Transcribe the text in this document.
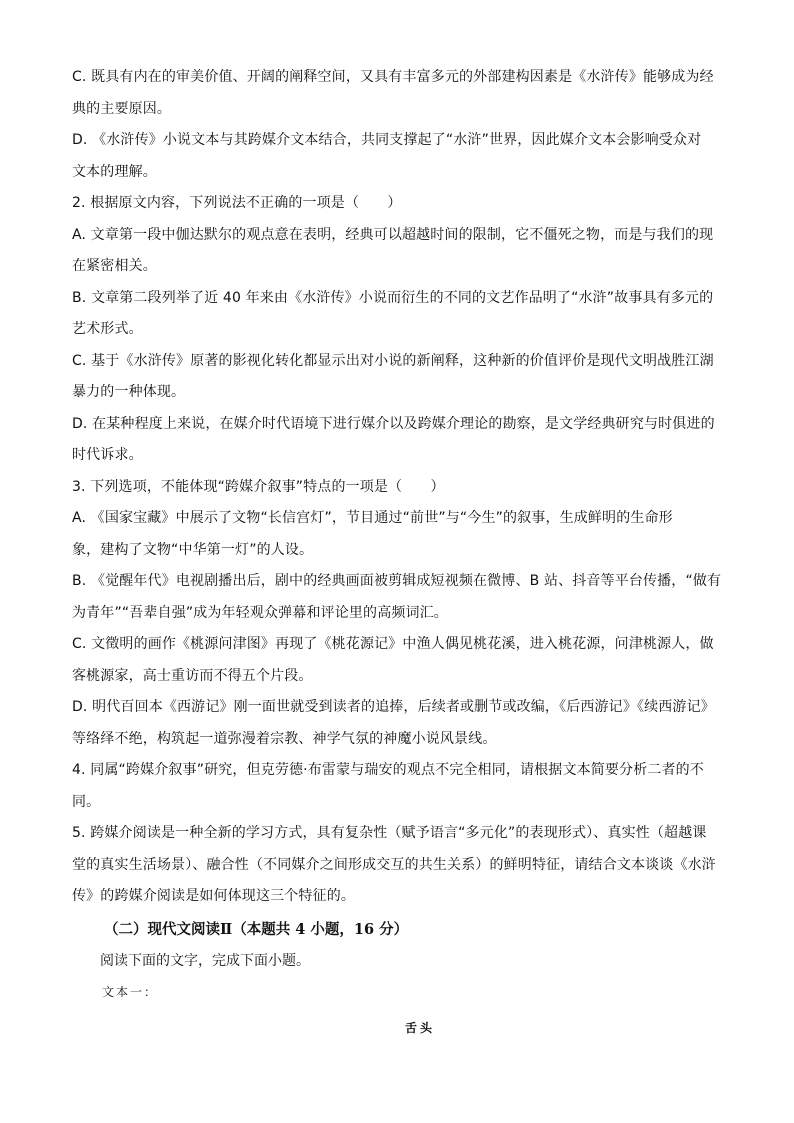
C. 既具有内在的审美价值、开阔的阐释空间，又具有丰富多元的外部建构因素是《水浒传》能够成为经
典的主要原因。
D. 《水浒传》小说文本与其跨媒介文本结合，共同支撑起了“水浒”世界，因此媒介文本会影响受众对
文本的理解。
2. 根据原文内容，下列说法不正确的一项是（　　）
A. 文章第一段中伽达默尔的观点意在表明，经典可以超越时间的限制，它不僵死之物，而是与我们的现
在紧密相关。
B. 文章第二段列举了近 40 年来由《水浒传》小说而衍生的不同的文艺作品明了“水浒”故事具有多元的
艺术形式。
C. 基于《水浒传》原著的影视化转化都显示出对小说的新阐释，这种新的价值评价是现代文明战胜江湖
暴力的一种体现。
D. 在某种程度上来说，在媒介时代语境下进行媒介以及跨媒介理论的勘察，是文学经典研究与时俱进的
时代诉求。
3. 下列选项，不能体现“跨媒介叙事”特点的一项是（　　）
A. 《国家宝藏》中展示了文物“长信宫灯”，节目通过“前世”与“今生”的叙事，生成鲜明的生命形
象，建构了文物“中华第一灯”的人设。
B. 《觉醒年代》电视剧播出后，剧中的经典画面被剪辑成短视频在微博、B 站、抖音等平台传播，“做有
为青年”“吾辈自强”成为年轻观众弹幕和评论里的高频词汇。
C. 文徵明的画作《桃源问津图》再现了《桃花源记》中渔人偶见桃花溪，进入桃花源，问津桃源人，做
客桃源家，高士重访而不得五个片段。
D. 明代百回本《西游记》刚一面世就受到读者的追捧，后续者或删节或改编，《后西游记》《续西游记》
等络绎不绝，构筑起一道弥漫着宗教、神学气氛的神魔小说风景线。
4. 同属“跨媒介叙事”研究，但克劳德·布雷蒙与瑞安的观点不完全相同，请根据文本简要分析二者的不
同。
5. 跨媒介阅读是一种全新的学习方式，具有复杂性（赋予语言“多元化”的表现形式）、真实性（超越课
堂的真实生活场景）、融合性（不同媒介之间形成交互的共生关系）的鲜明特征，请结合文本谈谈《水浒
传》的跨媒介阅读是如何体现这三个特征的。
（二）现代文阅读Ⅱ（本题共 4 小题，16 分）
阅读下面的文字，完成下面小题。
文本一：
舌头
